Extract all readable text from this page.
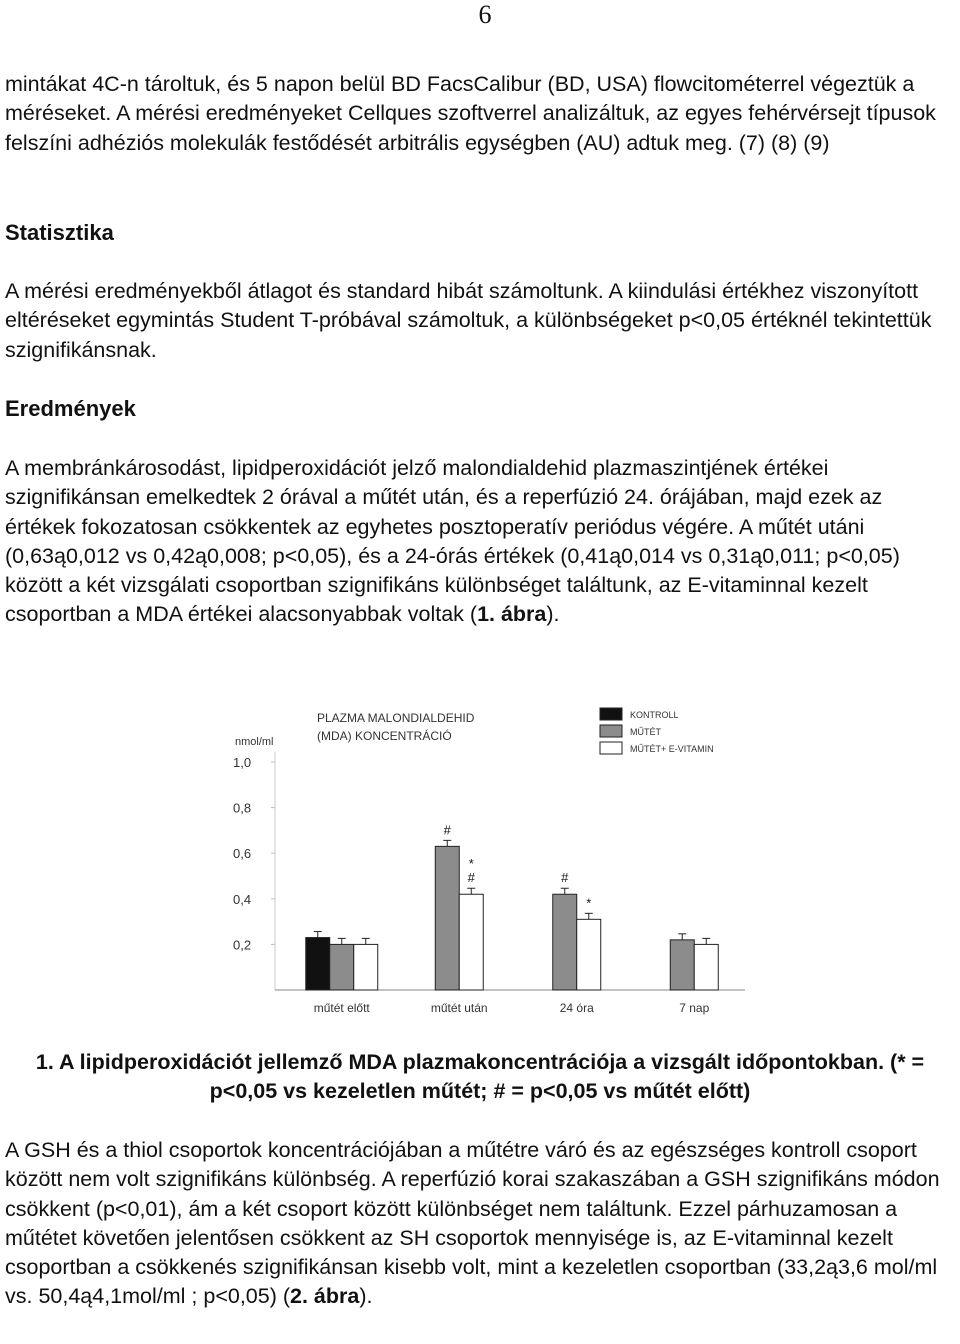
6

mintákat 4C-n tároltuk, és 5 napon belül BD FacsCalibur (BD, USA) flowcitométerrel végeztük a méréseket. A mérési eredményeket Cellques szoftverrel analizáltuk, az egyes fehérvérsejt típusok felszíni adhéziós molekulák festődését arbitrális egységben (AU) adtuk meg. (7) (8) (9)

Statisztika

A mérési eredményekből átlagot és standard hibát számoltunk. A kiindulási értékhez viszonyított eltéréseket egymintás Student T-próbával számoltuk, a különbségeket p<0,05 értéknél tekintettük szignifikánsnak.

Eredmények

A membránkárosodást, lipidperoxidációt jelző malondialdehid plazmaszintjének értékei szignifikánsan emelkedtek 2 órával a műtét után, és a reperfúzió 24. órájában, majd ezek az értékek fokozatosan csökkentek az egyhetes posztoperatív periódus végére. A műtét utáni (0,63ą0,012 vs 0,42ą0,008; p<0,05), és a 24-órás értékek (0,41ą0,014 vs 0,31ą0,011; p<0,05) között a két vizsgálati csoportban szignifikáns különbséget találtunk, az E-vitaminnal kezelt csoportban a MDA értékei alacsonyabbak voltak (1. ábra).

PLAZMA MALONDIALDEHID
(MDA) KONCENTRÁCIÓ
nmol/ml
KONTROLL
MŰTÉT
MŰTÉT+ E-VITAMIN
1,0
0,8
0,6
0,4
0,2
#
*
#	#
*
műtét előtt	műtét után	24 óra	7 nap

1. A lipidperoxidációt jellemző MDA plazmakoncentrációja a vizsgált időpontokban. (* = p<0,05 vs kezeletlen műtét; # = p<0,05 vs műtét előtt)

A GSH és a thiol csoportok koncentrációjában a műtétre váró és az egészséges kontroll csoport között nem volt szignifikáns különbség. A reperfúzió korai szakaszában a GSH szignifikáns módon csökkent (p<0,01), ám a két csoport között különbséget nem találtunk. Ezzel párhuzamosan a műtétet követően jelentősen csökkent az SH csoportok mennyisége is, az E-vitaminnal kezelt csoportban a csökkenés szignifikánsan kisebb volt, mint a kezeletlen csoportban (33,2ą3,6 mol/ml vs. 50,4ą4,1mol/ml ; p<0,05) (2. ábra).
